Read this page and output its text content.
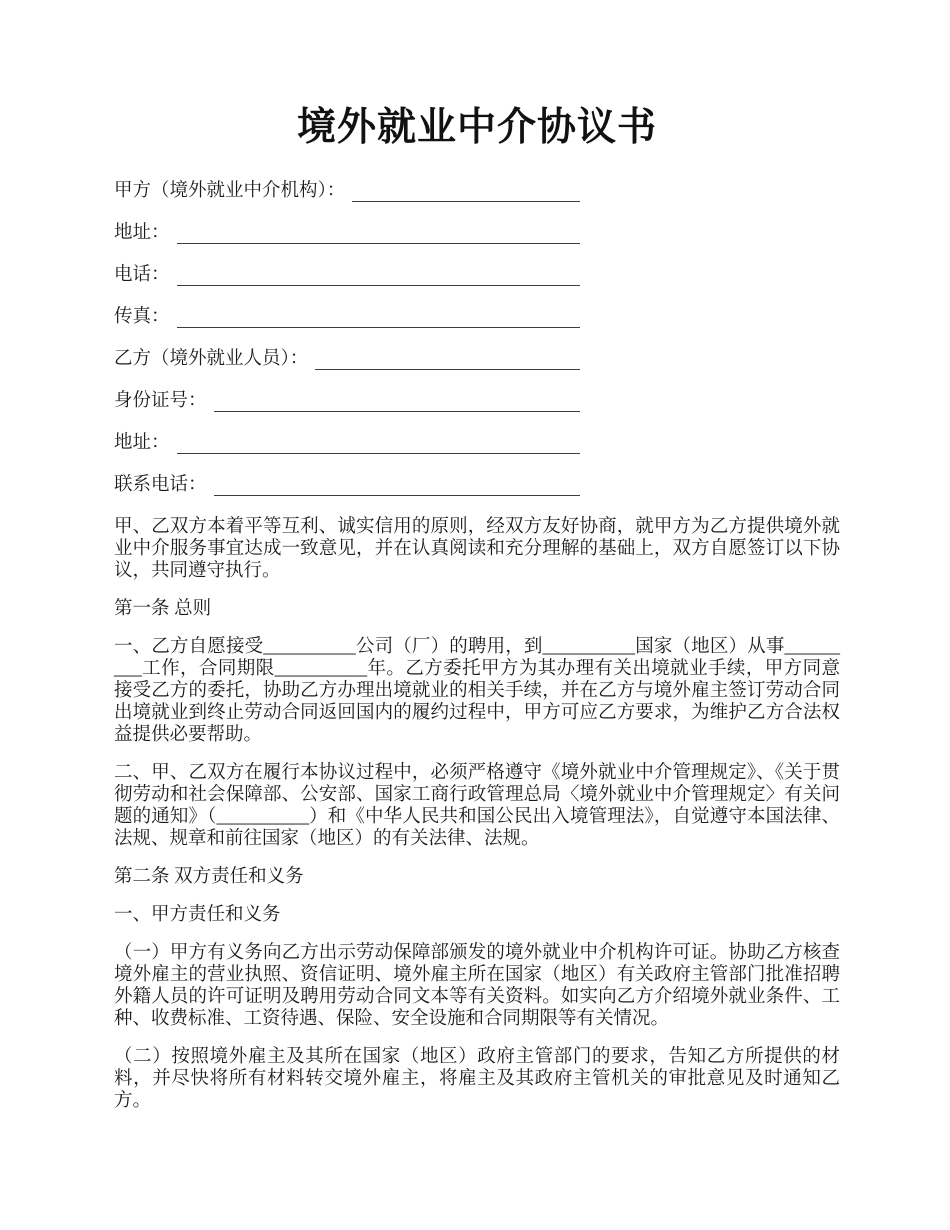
境外就业中介协议书
甲方（境外就业中介机构）：
地址：
电话：
传真：
乙方（境外就业人员）：
身份证号：
地址：
联系电话：

甲、乙双方本着平等互利、诚实信用的原则，经双方友好协商，就甲方为乙方提供境外就业中介服务事宜达成一致意见，并在认真阅读和充分理解的基础上，双方自愿签订以下协议，共同遵守执行。

第一条 总则

一、乙方自愿接受__________公司（厂）的聘用，到__________国家（地区）从事_________工作，合同期限__________年。乙方委托甲方为其办理有关出境就业手续，甲方同意接受乙方的委托，协助乙方办理出境就业的相关手续，并在乙方与境外雇主签订劳动合同出境就业到终止劳动合同返回国内的履约过程中，甲方可应乙方要求，为维护乙方合法权益提供必要帮助。

二、甲、乙双方在履行本协议过程中，必须严格遵守《境外就业中介管理规定》、《关于贯彻劳动和社会保障部、公安部、国家工商行政管理总局〈境外就业中介管理规定〉有关问题的通知》（__________）和《中华人民共和国公民出入境管理法》，自觉遵守本国法律、法规、规章和前往国家（地区）的有关法律、法规。

第二条 双方责任和义务

一、甲方责任和义务

（一）甲方有义务向乙方出示劳动保障部颁发的境外就业中介机构许可证。协助乙方核查境外雇主的营业执照、资信证明、境外雇主所在国家（地区）有关政府主管部门批准招聘外籍人员的许可证明及聘用劳动合同文本等有关资料。如实向乙方介绍境外就业条件、工种、收费标准、工资待遇、保险、安全设施和合同期限等有关情况。

（二）按照境外雇主及其所在国家（地区）政府主管部门的要求，告知乙方所提供的材料，并尽快将所有材料转交境外雇主，将雇主及其政府主管机关的审批意见及时通知乙方。
